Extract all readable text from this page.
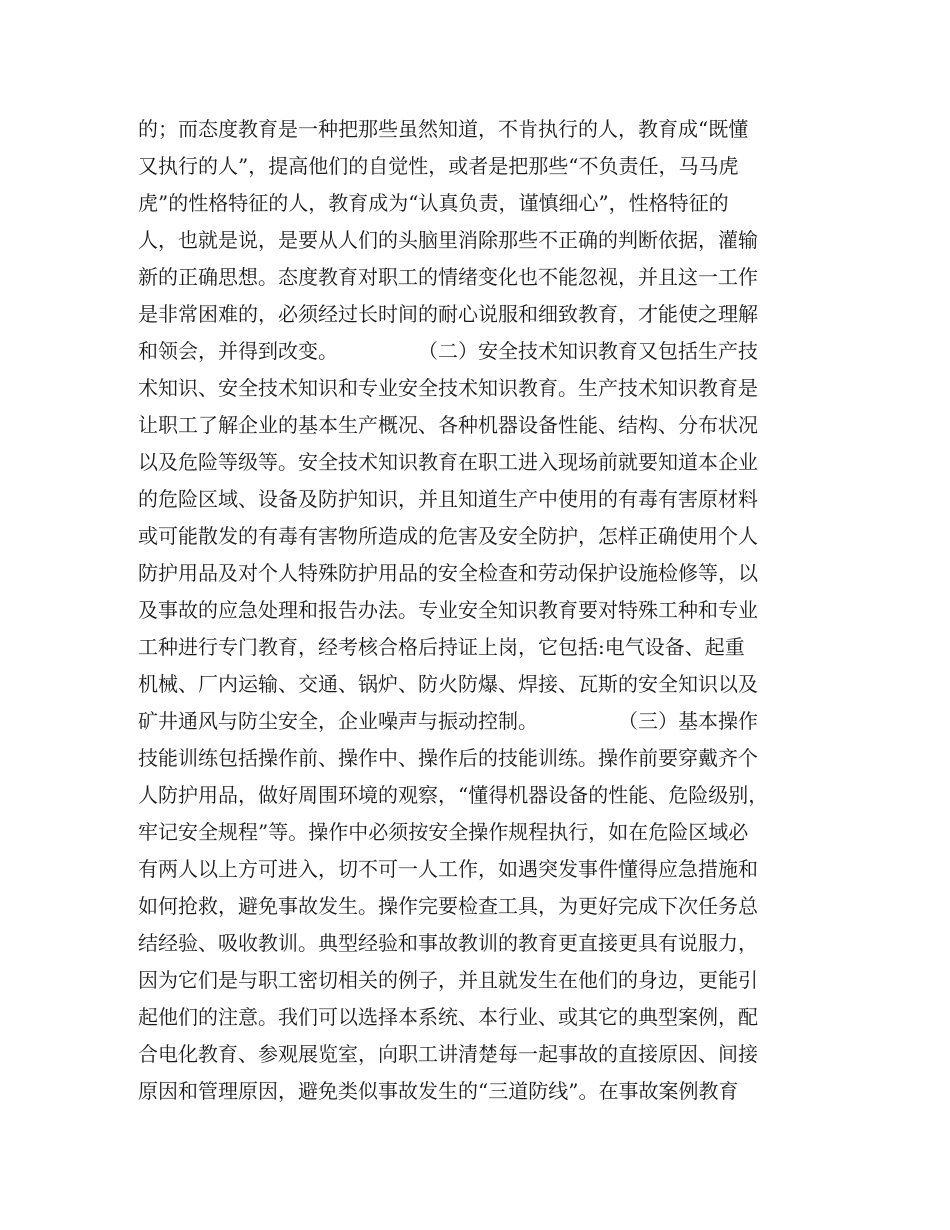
的；而态度教育是一种把那些虽然知道，不肯执行的人，教育成“既懂
又执行的人”，提高他们的自觉性，或者是把那些“不负责任，马马虎
虎”的性格特征的人，教育成为“认真负责，谨慎细心”，性格特征的
人，也就是说，是要从人们的头脑里消除那些不正确的判断依据，灌输
新的正确思想。态度教育对职工的情绪变化也不能忽视，并且这一工作
是非常困难的，必须经过长时间的耐心说服和细致教育，才能使之理解
和领会，并得到改变。　　　　　（二）安全技术知识教育又包括生产技
术知识、安全技术知识和专业安全技术知识教育。生产技术知识教育是
让职工了解企业的基本生产概况、各种机器设备性能、结构、分布状况
以及危险等级等。安全技术知识教育在职工进入现场前就要知道本企业
的危险区域、设备及防护知识，并且知道生产中使用的有毒有害原材料
或可能散发的有毒有害物所造成的危害及安全防护，怎样正确使用个人
防护用品及对个人特殊防护用品的安全检查和劳动保护设施检修等，以
及事故的应急处理和报告办法。专业安全知识教育要对特殊工种和专业
工种进行专门教育，经考核合格后持证上岗，它包括:电气设备、起重
机械、厂内运输、交通、锅炉、防火防爆、焊接、瓦斯的安全知识以及
矿井通风与防尘安全，企业噪声与振动控制。　　　　　（三）基本操作
技能训练包括操作前、操作中、操作后的技能训练。操作前要穿戴齐个
人防护用品，做好周围环境的观察，“懂得机器设备的性能、危险级别，
牢记安全规程”等。操作中必须按安全操作规程执行，如在危险区域必
有两人以上方可进入，切不可一人工作，如遇突发事件懂得应急措施和
如何抢救，避免事故发生。操作完要检查工具，为更好完成下次任务总
结经验、吸收教训。典型经验和事故教训的教育更直接更具有说服力，
因为它们是与职工密切相关的例子，并且就发生在他们的身边，更能引
起他们的注意。我们可以选择本系统、本行业、或其它的典型案例，配
合电化教育、参观展览室，向职工讲清楚每一起事故的直接原因、间接
原因和管理原因，避免类似事故发生的“三道防线”。在事故案例教育
